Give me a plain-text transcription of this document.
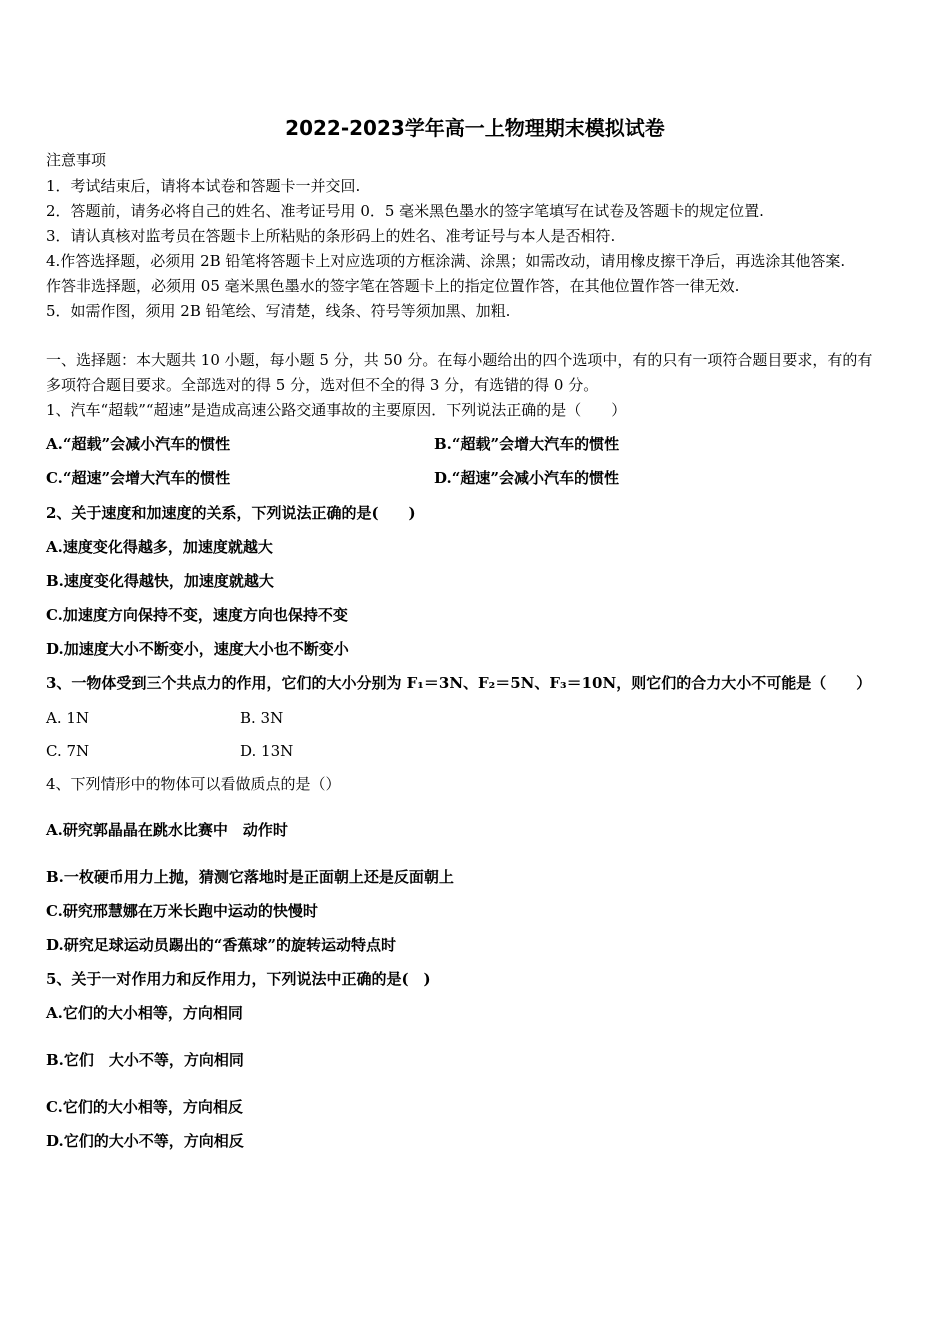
2022-2023学年高一上物理期末模拟试卷
注意事项
1．考试结束后，请将本试卷和答题卡一并交回.
2．答题前，请务必将自己的姓名、准考证号用 0．5 毫米黑色墨水的签字笔填写在试卷及答题卡的规定位置.
3．请认真核对监考员在答题卡上所粘贴的条形码上的姓名、准考证号与本人是否相符.
4.作答选择题，必须用 2B 铅笔将答题卡上对应选项的方框涂满、涂黑；如需改动，请用橡皮擦干净后，再选涂其他答案.
作答非选择题，必须用 05 毫米黑色墨水的签字笔在答题卡上的指定位置作答，在其他位置作答一律无效.
5．如需作图，须用 2B 铅笔绘、写清楚，线条、符号等须加黑、加粗.
一、选择题：本大题共 10 小题，每小题 5 分，共 50 分。在每小题给出的四个选项中，有的只有一项符合题目要求，有的有
多项符合题目要求。全部选对的得 5 分，选对但不全的得 3 分，有选错的得 0 分。
1、汽车“超载”“超速”是造成高速公路交通事故的主要原因．下列说法正确的是（　　）
A.“超载”会减小汽车的惯性	B.“超载”会增大汽车的惯性
C.“超速”会增大汽车的惯性	D.“超速”会减小汽车的惯性
2、关于速度和加速度的关系，下列说法正确的是(　　)
A.速度变化得越多，加速度就越大
B.速度变化得越快，加速度就越大
C.加速度方向保持不变，速度方向也保持不变
D.加速度大小不断变小，速度大小也不断变小
3、一物体受到三个共点力的作用，它们的大小分别为 F₁＝3N、F₂＝5N、F₃＝10N，则它们的合力大小不可能是（　　）
A. 1N	B. 3N
C. 7N	D. 13N
4、下列情形中的物体可以看做质点的是（）
A.研究郭晶晶在跳水比赛中　动作时
B.一枚硬币用力上抛，猜测它落地时是正面朝上还是反面朝上
C.研究邢慧娜在万米长跑中运动的快慢时
D.研究足球运动员踢出的“香蕉球”的旋转运动特点时
5、关于一对作用力和反作用力，下列说法中正确的是(　)
A.它们的大小相等，方向相同
B.它们　大小不等，方向相同
C.它们的大小相等，方向相反
D.它们的大小不等，方向相反
